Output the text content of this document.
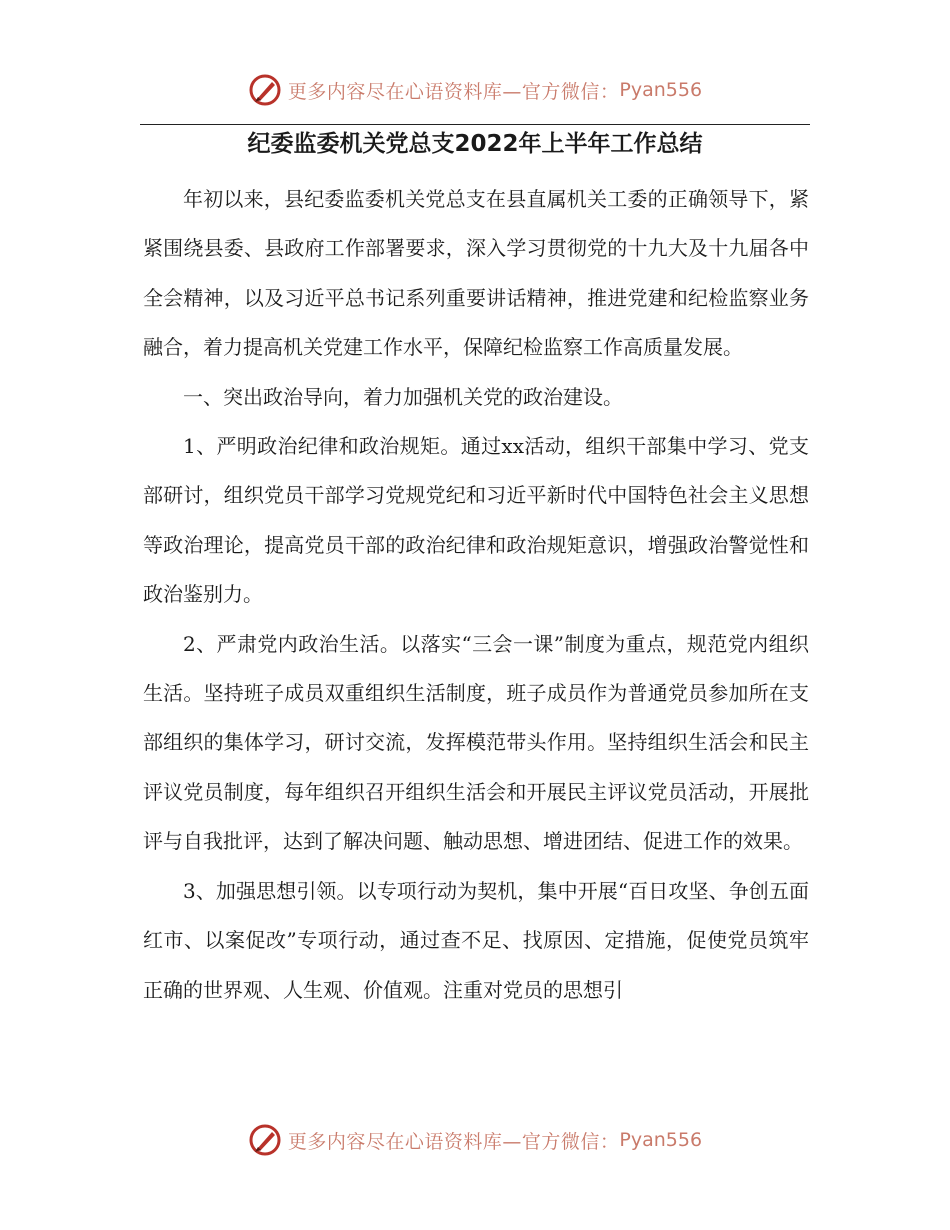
更多内容尽在心语资料库—官方微信： Pyan556
纪委监委机关党总支2022年上半年工作总结

年初以来，县纪委监委机关党总支在县直属机关工委的正确领导下，紧紧围绕县委、县政府工作部署要求，深入学习贯彻党的十九大及十九届各中全会精神，以及习近平总书记系列重要讲话精神，推进党建和纪检监察业务融合，着力提高机关党建工作水平，保障纪检监察工作高质量发展。

一、突出政治导向，着力加强机关党的政治建设。

1、严明政治纪律和政治规矩。通过xx活动，组织干部集中学习、党支部研讨，组织党员干部学习党规党纪和习近平新时代中国特色社会主义思想等政治理论，提高党员干部的政治纪律和政治规矩意识，增强政治警觉性和政治鉴别力。

2、严肃党内政治生活。以落实“三会一课”制度为重点，规范党内组织生活。坚持班子成员双重组织生活制度，班子成员作为普通党员参加所在支部组织的集体学习，研讨交流，发挥模范带头作用。坚持组织生活会和民主评议党员制度，每年组织召开组织生活会和开展民主评议党员活动，开展批评与自我批评，达到了解决问题、触动思想、增进团结、促进工作的效果。

3、加强思想引领。以专项行动为契机，集中开展“百日攻坚、争创五面红市、以案促改”专项行动，通过查不足、找原因、定措施，促使党员筑牢正确的世界观、人生观、价值观。注重对党员的思想引

更多内容尽在心语资料库—官方微信： Pyan556
